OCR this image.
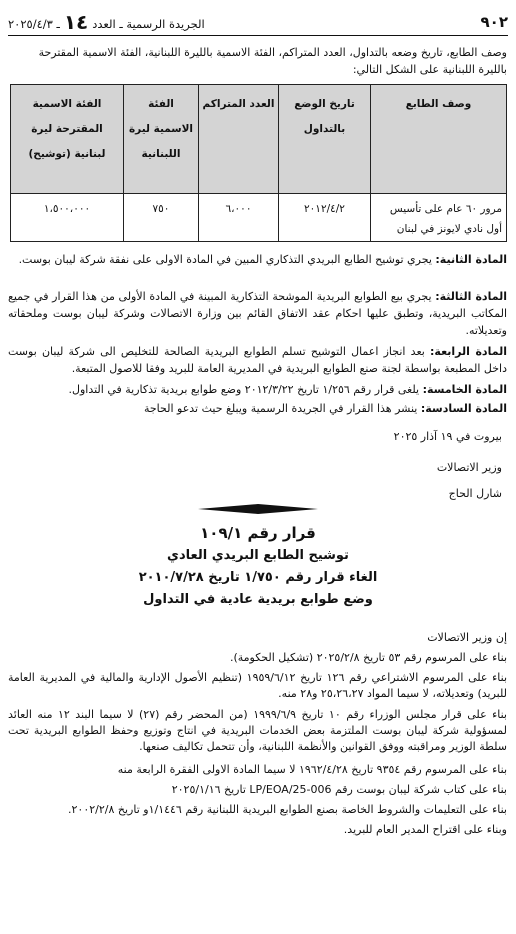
٩٠٢
الجريدة الرسمية ـ العدد
١٤
ـ ٢٠٢٥/٤/٣

وصف الطابع، تاريخ وضعه بالتداول، العدد المتراكم، الفئة الاسمية بالليرة اللبنانية، الفئة الاسمية المقترحة بالليرة اللبنانية على الشكل التالي:

وصف الطابع	تاريخ الوضع بالتداول	العدد المتراكم	الفئة الاسمية ليرة اللبنانية	الفئة الاسمية المقترحة ليرة لبنانية (توشيح)
مرور ٦٠ عام على تأسيس أول نادي لايونز في لبنان	٢٠١٢/٤/٢	٦،٠٠٠	٧٥٠	١،٥٠٠،٠٠٠

المادة الثانية: يجري توشيح الطابع البريدي التذكاري المبين في المادة الاولى على نفقة شركة ليبان بوست.

المادة الثالثة: يجري بيع الطوابع البريدية الموشحة التذكارية المبينة في المادة الأولى من هذا القرار في جميع المكاتب البريدية، وتطبق عليها احكام عقد الاتفاق القائم بين وزارة الاتصالات وشركة ليبان بوست وملحقاته وتعديلاته.

المادة الرابعة: بعد انجاز اعمال التوشيح تسلم الطوابع البريدية الصالحة للتخليص الى شركة ليبان بوست داخل المطبعة بواسطة لجنة صنع الطوابع البريدية في المديرية العامة للبريد وفقا للاصول المتبعة.

المادة الخامسة: يلغى قرار رقم ١/٢٥٦ تاريخ ٢٠١٢/٣/٢٢ وضع طوابع بريدية تذكارية في التداول.

المادة السادسة: ينشر هذا القرار في الجريدة الرسمية ويبلغ حيث تدعو الحاجة

بيروت في ١٩ آذار ٢٠٢٥

وزير الاتصالات

شارل الحاج

قرار رقم ١٠٩/١

توشيح الطابع البريدي العادي

الغاء قرار رقم ١/٧٥٠ تاريخ ٢٠١٠/٧/٢٨

وضع طوابع بريدية عادية في التداول

إن وزير الاتصالات

بناء على المرسوم رقم ٥٣ تاريخ ٢٠٢٥/٢/٨ (تشكيل الحكومة).

بناء على المرسوم الاشتراعي رقم ١٢٦ تاريخ ١٩٥٩/٦/١٢ (تنظيم الأصول الإدارية والمالية في المديرية العامة للبريد) وتعديلاته، لا سيما المواد ٢٥،٢٦،٢٧ و٢٨ منه.

بناء على قرار مجلس الوزراء رقم ١٠ تاريخ ١٩٩٩/٦/٩ (من المحضر رقم (٢٧) لا سيما البند ١٢ منه العائد لمسؤولية شركة ليبان بوست الملتزمة بعض الخدمات البريدية في انتاج وتوزيع وحفظ الطوابع البريدية تحت سلطة الوزير ومراقبته ووفق القوانين والأنظمة اللبنانية، وأن تتحمل تكاليف صنعها.

بناء على المرسوم رقم ٩٣٥٤ تاريخ ١٩٦٢/٤/٢٨ لا سيما المادة الاولى الفقرة الرابعة منه

بناء على كتاب شركة ليبان بوست رقم LP/EOA/25-006 تاريخ ٢٠٢٥/١/١٦

بناء على التعليمات والشروط الخاصة بصنع الطوابع البريدية اللبنانية رقم ١/١٤٤٦و تاريخ ٢٠٠٢/٢/٨.

وبناء على اقتراح المدير العام للبريد.
